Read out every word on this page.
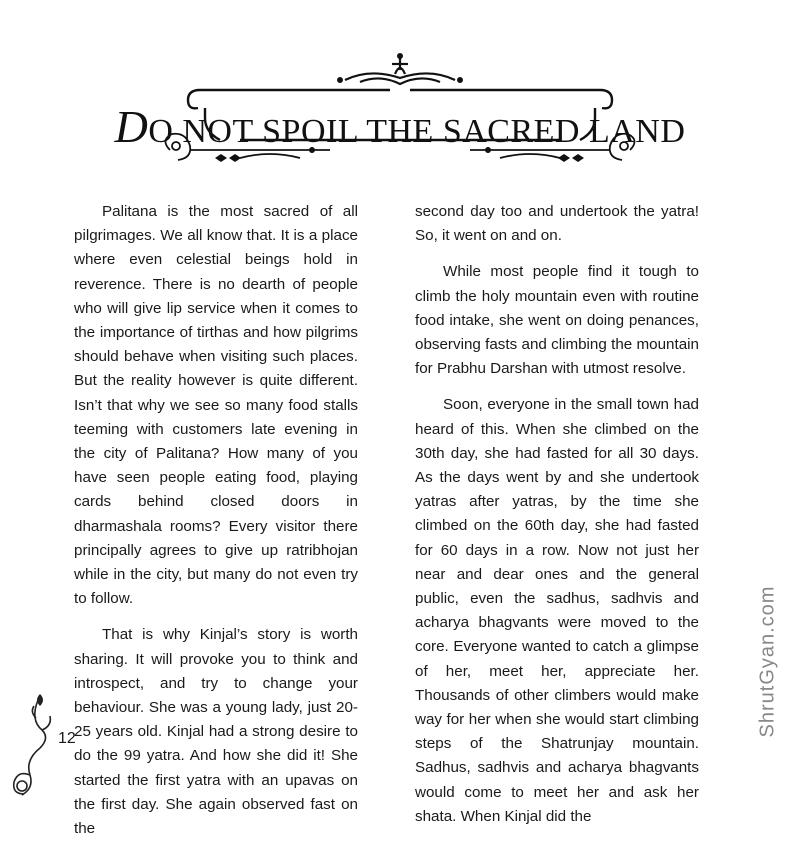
DO NOT SPOIL THE SACRED LAND

Palitana is the most sacred of all pilgrimages. We all know that. It is a place where even celestial beings hold in reverence. There is no dearth of people who will give lip service when it comes to the importance of tirthas and how pilgrims should behave when visiting such places. But the reality however is quite different. Isn’t that why we see so many food stalls teeming with customers late evening in the city of Palitana? How many of you have seen people eating food, playing cards behind closed doors in dharmashala rooms? Every visitor there principally agrees to give up ratribhojan while in the city, but many do not even try to follow.

That is why Kinjal’s story is worth sharing. It will provoke you to think and introspect, and try to change your behaviour. She was a young lady, just 20-25 years old. Kinjal had a strong desire to do the 99 yatra. And how she did it! She started the first yatra with an upavas on the first day. She again observed fast on the

second day too and undertook the yatra! So, it went on and on.

While most people find it tough to climb the holy mountain even with routine food intake, she went on doing penances, observing fasts and climbing the mountain for Prabhu Darshan with utmost resolve.

Soon, everyone in the small town had heard of this. When she climbed on the 30th day, she had fasted for all 30 days. As the days went by and she undertook yatras after yatras, by the time she climbed on the 60th day, she had fasted for 60 days in a row. Now not just her near and dear ones and the general public, even the sadhus, sadhvis and acharya bhagvants were moved to the core. Everyone wanted to catch a glimpse of her, meet her, appreciate her. Thousands of other climbers would make way for her when she would start climbing steps of the Shatrunjay mountain. Sadhus, sadhvis and acharya bhagvants would come to meet her and ask her shata. When Kinjal did the

12
ShrutGyan.com
